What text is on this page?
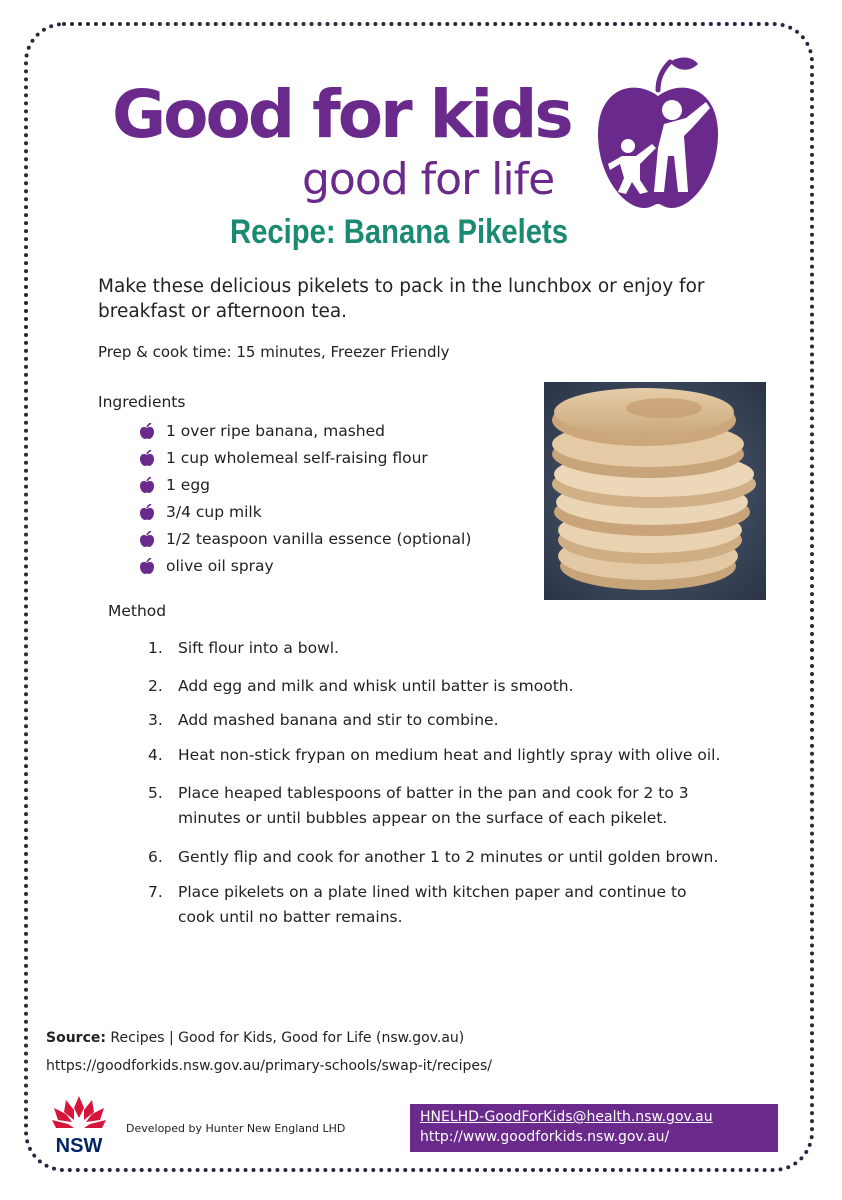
Good for kids
good for life
Recipe: Banana Pikelets
Make these delicious pikelets to pack in the lunchbox or enjoy for breakfast or afternoon tea.
Prep & cook time: 15 minutes, Freezer Friendly
Ingredients
1 over ripe banana, mashed
1 cup wholemeal self-raising flour
1 egg
3/4 cup milk
1/2 teaspoon vanilla essence (optional)
olive oil spray
Method
1. Sift flour into a bowl.
2. Add egg and milk and whisk until batter is smooth.
3. Add mashed banana and stir to combine.
4. Heat non-stick frypan on medium heat and lightly spray with olive oil.
5. Place heaped tablespoons of batter in the pan and cook for 2 to 3
minutes or until bubbles appear on the surface of each pikelet.
6. Gently flip and cook for another 1 to 2 minutes or until golden brown.
7. Place pikelets on a plate lined with kitchen paper and continue to
cook until no batter remains.
Source: Recipes | Good for Kids, Good for Life (nsw.gov.au)
https://goodforkids.nsw.gov.au/primary-schools/swap-it/recipes/
NSW
Developed by Hunter New England LHD
HNELHD-GoodForKids@health.nsw.gov.au
http://www.goodforkids.nsw.gov.au/
